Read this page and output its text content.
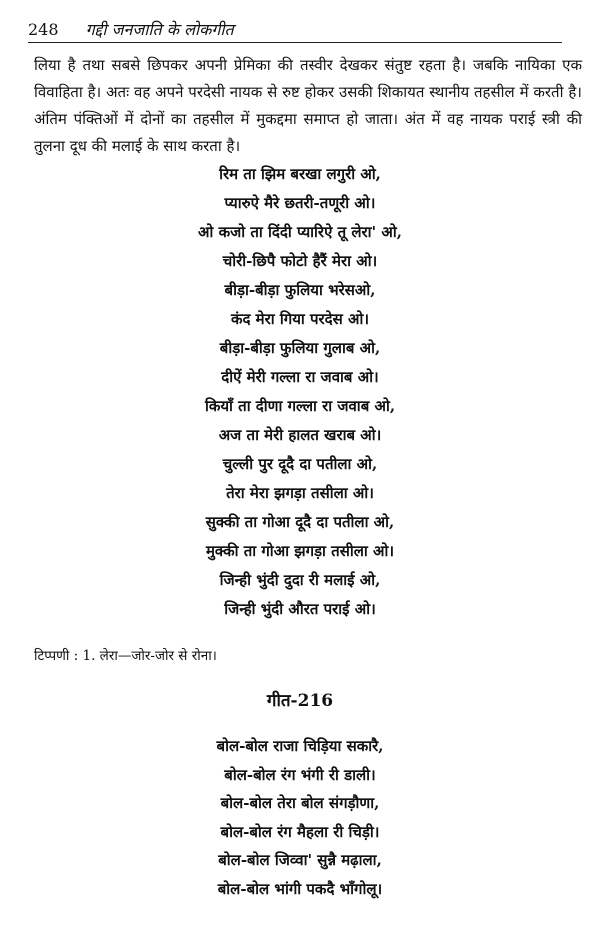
248 गद्दी जनजाति के लोकगीत
लिया है तथा सबसे छिपकर अपनी प्रेमिका की तस्वीर देखकर संतुष्ट रहता है। जबकि नायिका एक विवाहिता है। अतः वह अपने परदेसी नायक से रुष्ट होकर उसकी शिकायत स्थानीय तहसील में करती है। अंतिम पंक्तिओं में दोनों का तहसील में मुकद्दमा समाप्त हो जाता। अंत में वह नायक पराई स्त्री की तुलना दूध की मलाई के साथ करता है।
रिम ता झिम बरखा लगुरी ओ,
प्यारुऐ मैरे छतरी-तणूरी ओ।
ओ कजो ता दिंदी प्यारिऐ तू लेरा' ओ,
चोरी-छिपै फोटो हैरैं मेरा ओ।
बीड़ा-बीड़ा फुलिया भरेसओ,
कंद मेरा गिया परदेस ओ।
बीड़ा-बीड़ा फुलिया गुलाब ओ,
दीऐं मेरी गल्ला रा जवाब ओ।
कियाँ ता दीणा गल्ला रा जवाब ओ,
अज ता मेरी हालत खराब ओ।
चुल्ली पुर दूदै दा पतीला ओ,
तेरा मेरा झगड़ा तसीला ओ।
सुक्की ता गोआ दूदै दा पतीला ओ,
मुक्की ता गोआ झगड़ा तसीला ओ।
जिन्ही भुंदी दुदा री मलाई ओ,
जिन्ही भुंदी औरत पराई ओ।
टिप्पणी : 1. लेरा—जोर-जोर से रोना।
गीत-216
बोल-बोल राजा चिड़िया सकारै,
बोल-बोल रंग भंगी री डाली।
बोल-बोल तेरा बोल संगड़ौणा,
बोल-बोल रंग मैहला री चिड़ी।
बोल-बोल जिव्वा' सुन्नै मढ़ाला,
बोल-बोल भांगी पकदै भाँगोलू।
